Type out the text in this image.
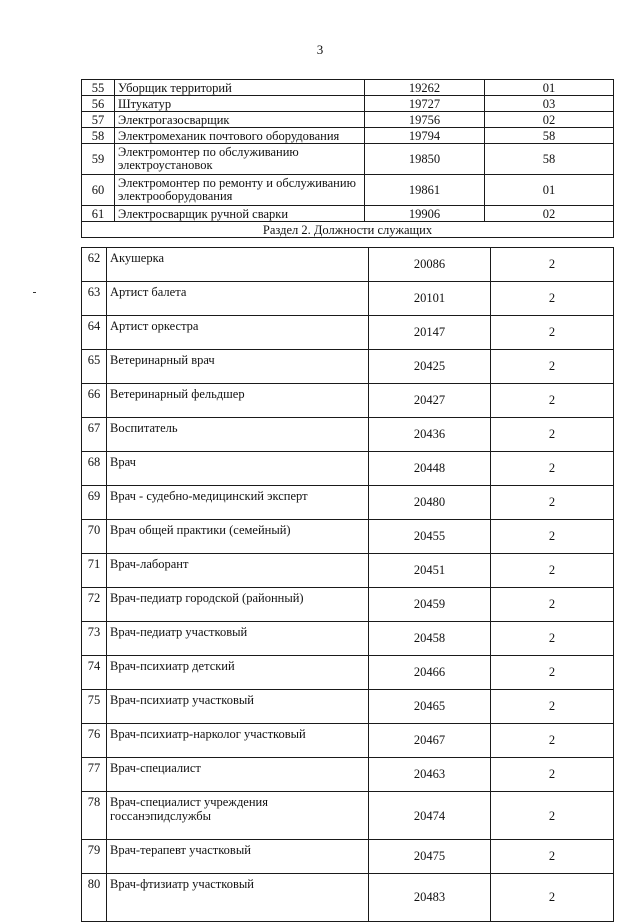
3
55	Уборщик территорий	19262	01
56	Штукатур	19727	03
57	Электрогазосварщик	19756	02
58	Электромеханик почтового оборудования	19794	58
59	Электромонтер по обслуживанию электроустановок	19850	58
60	Электромонтер по ремонту и обслуживанию электрооборудования	19861	01
61	Электросварщик ручной сварки	19906	02
Раздел 2. Должности служащих			
62	Акушерка	20086	2
63	Артист балета	20101	2
64	Артист оркестра	20147	2
65	Ветеринарный врач	20425	2
66	Ветеринарный фельдшер	20427	2
67	Воспитатель	20436	2
68	Врач	20448	2
69	Врач - судебно-медицинский эксперт	20480	2
70	Врач общей практики (семейный)	20455	2
71	Врач-лаборант	20451	2
72	Врач-педиатр городской (районный)	20459	2
73	Врач-педиатр участковый	20458	2
74	Врач-психиатр детский	20466	2
75	Врач-психиатр участковый	20465	2
76	Врач-психиатр-нарколог участковый	20467	2
77	Врач-специалист	20463	2
78	Врач-специалист учреждения госсанэпидслужбы	20474	2
79	Врач-терапевт участковый	20475	2
80	Врач-фтизиатр участковый	20483	2
